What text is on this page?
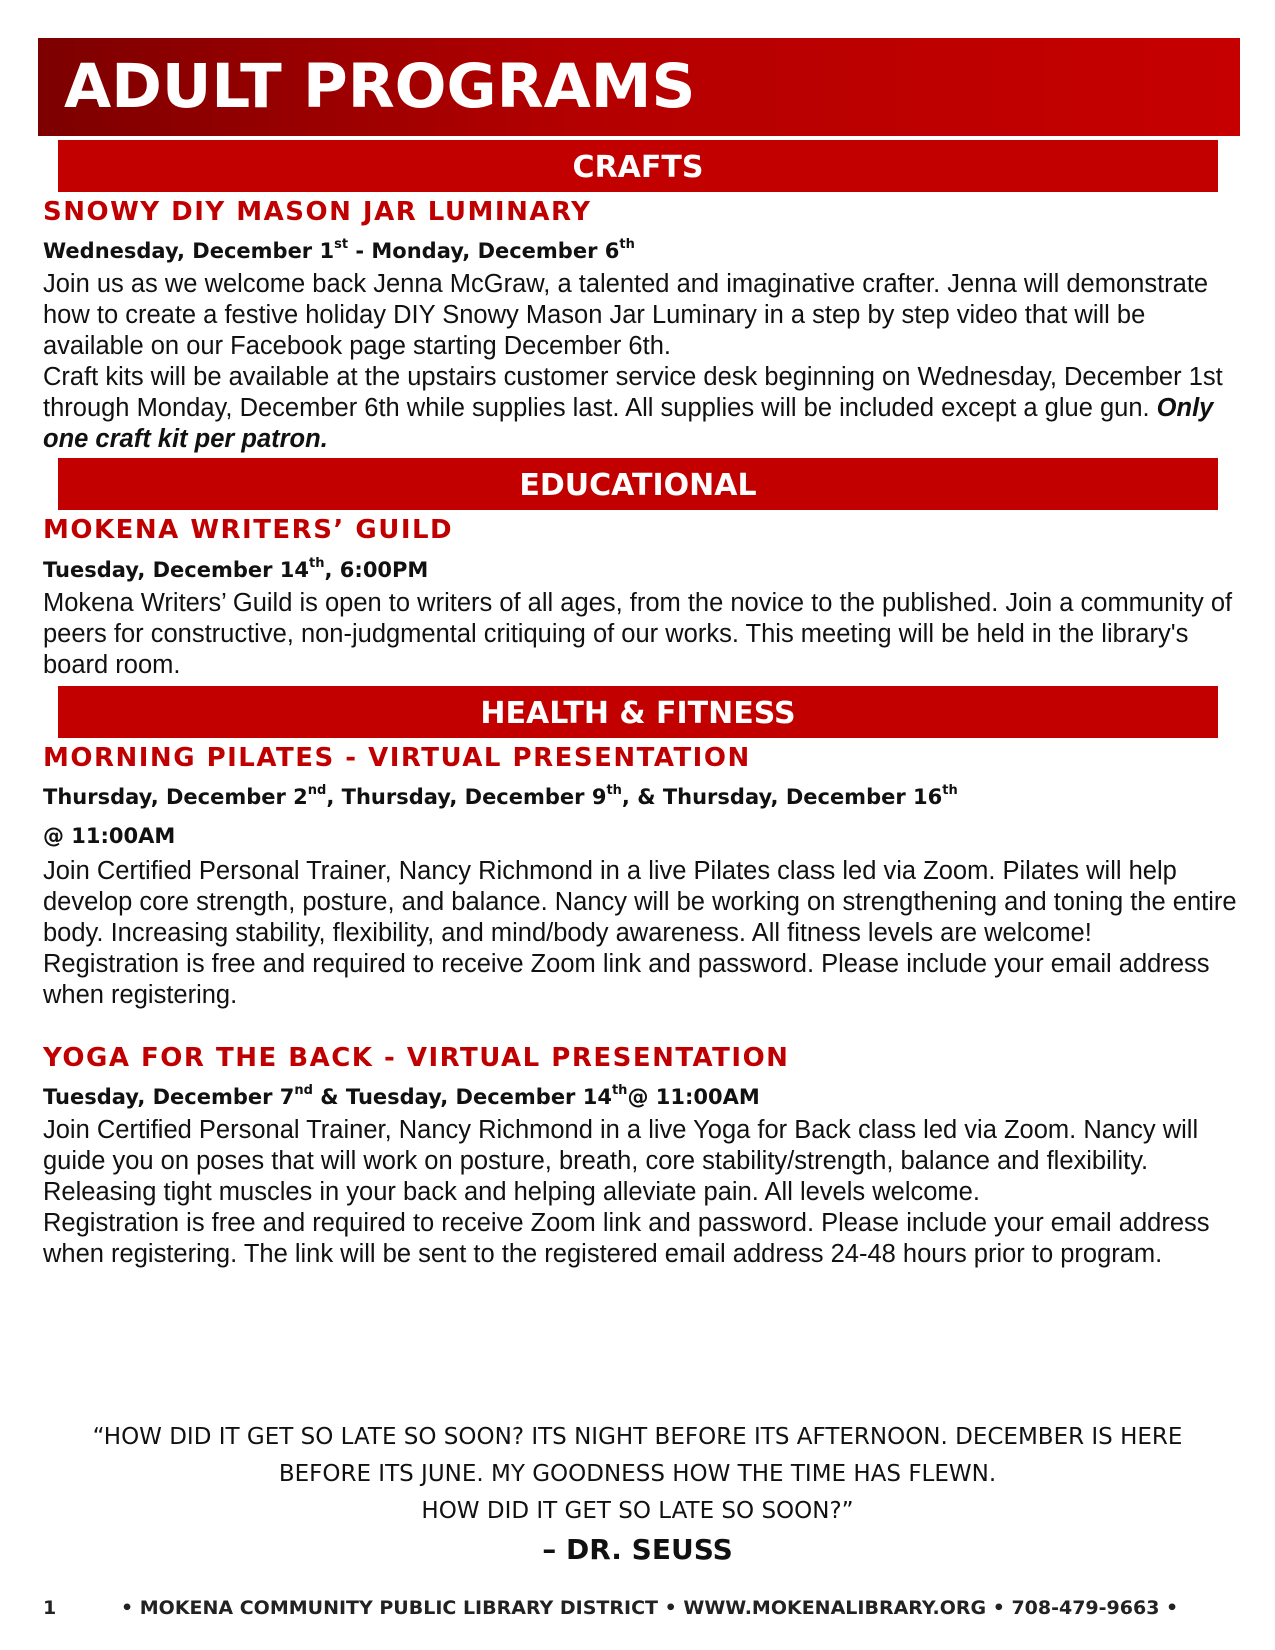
ADULT PROGRAMS
CRAFTS
SNOWY DIY MASON JAR LUMINARY
Wednesday, December 1st - Monday, December 6th

Join us as we welcome back Jenna McGraw, a talented and imaginative crafter. Jenna will demonstrate how to create a festive holiday DIY Snowy Mason Jar Luminary in a step by step video that will be available on our Facebook page starting December 6th.

Craft kits will be available at the upstairs customer service desk beginning on Wednesday, December 1st through Monday, December 6th while supplies last. All supplies will be included except a glue gun. Only one craft kit per patron.

EDUCATIONAL
MOKENA WRITERS’ GUILD
Tuesday, December 14th, 6:00PM

Mokena Writers’ Guild is open to writers of all ages, from the novice to the published. Join a community of peers for constructive, non-judgmental critiquing of our works. This meeting will be held in the library's board room.

HEALTH & FITNESS
MORNING PILATES - VIRTUAL PRESENTATION
Thursday, December 2nd, Thursday, December 9th, & Thursday, December 16th
@ 11:00AM

Join Certified Personal Trainer, Nancy Richmond in a live Pilates class led via Zoom. Pilates will help develop core strength, posture, and balance. Nancy will be working on strengthening and toning the entire body. Increasing stability, flexibility, and mind/body awareness. All fitness levels are welcome!

Registration is free and required to receive Zoom link and password. Please include your email address when registering.

YOGA FOR THE BACK - VIRTUAL PRESENTATION
Tuesday, December 7nd & Tuesday, December 14th@ 11:00AM

Join Certified Personal Trainer, Nancy Richmond in a live Yoga for Back class led via Zoom. Nancy will guide you on poses that will work on posture, breath, core stability/strength, balance and flexibility. Releasing tight muscles in your back and helping alleviate pain. All levels welcome.

Registration is free and required to receive Zoom link and password. Please include your email address when registering. The link will be sent to the registered email address 24-48 hours prior to program.

“HOW DID IT GET SO LATE SO SOON? ITS NIGHT BEFORE ITS AFTERNOON. DECEMBER IS HERE
BEFORE ITS JUNE. MY GOODNESS HOW THE TIME HAS FLEWN.
HOW DID IT GET SO LATE SO SOON?”
– DR. SEUSS
1	• MOKENA COMMUNITY PUBLIC LIBRARY DISTRICT • WWW.MOKENALIBRARY.ORG • 708-479-9663 •
